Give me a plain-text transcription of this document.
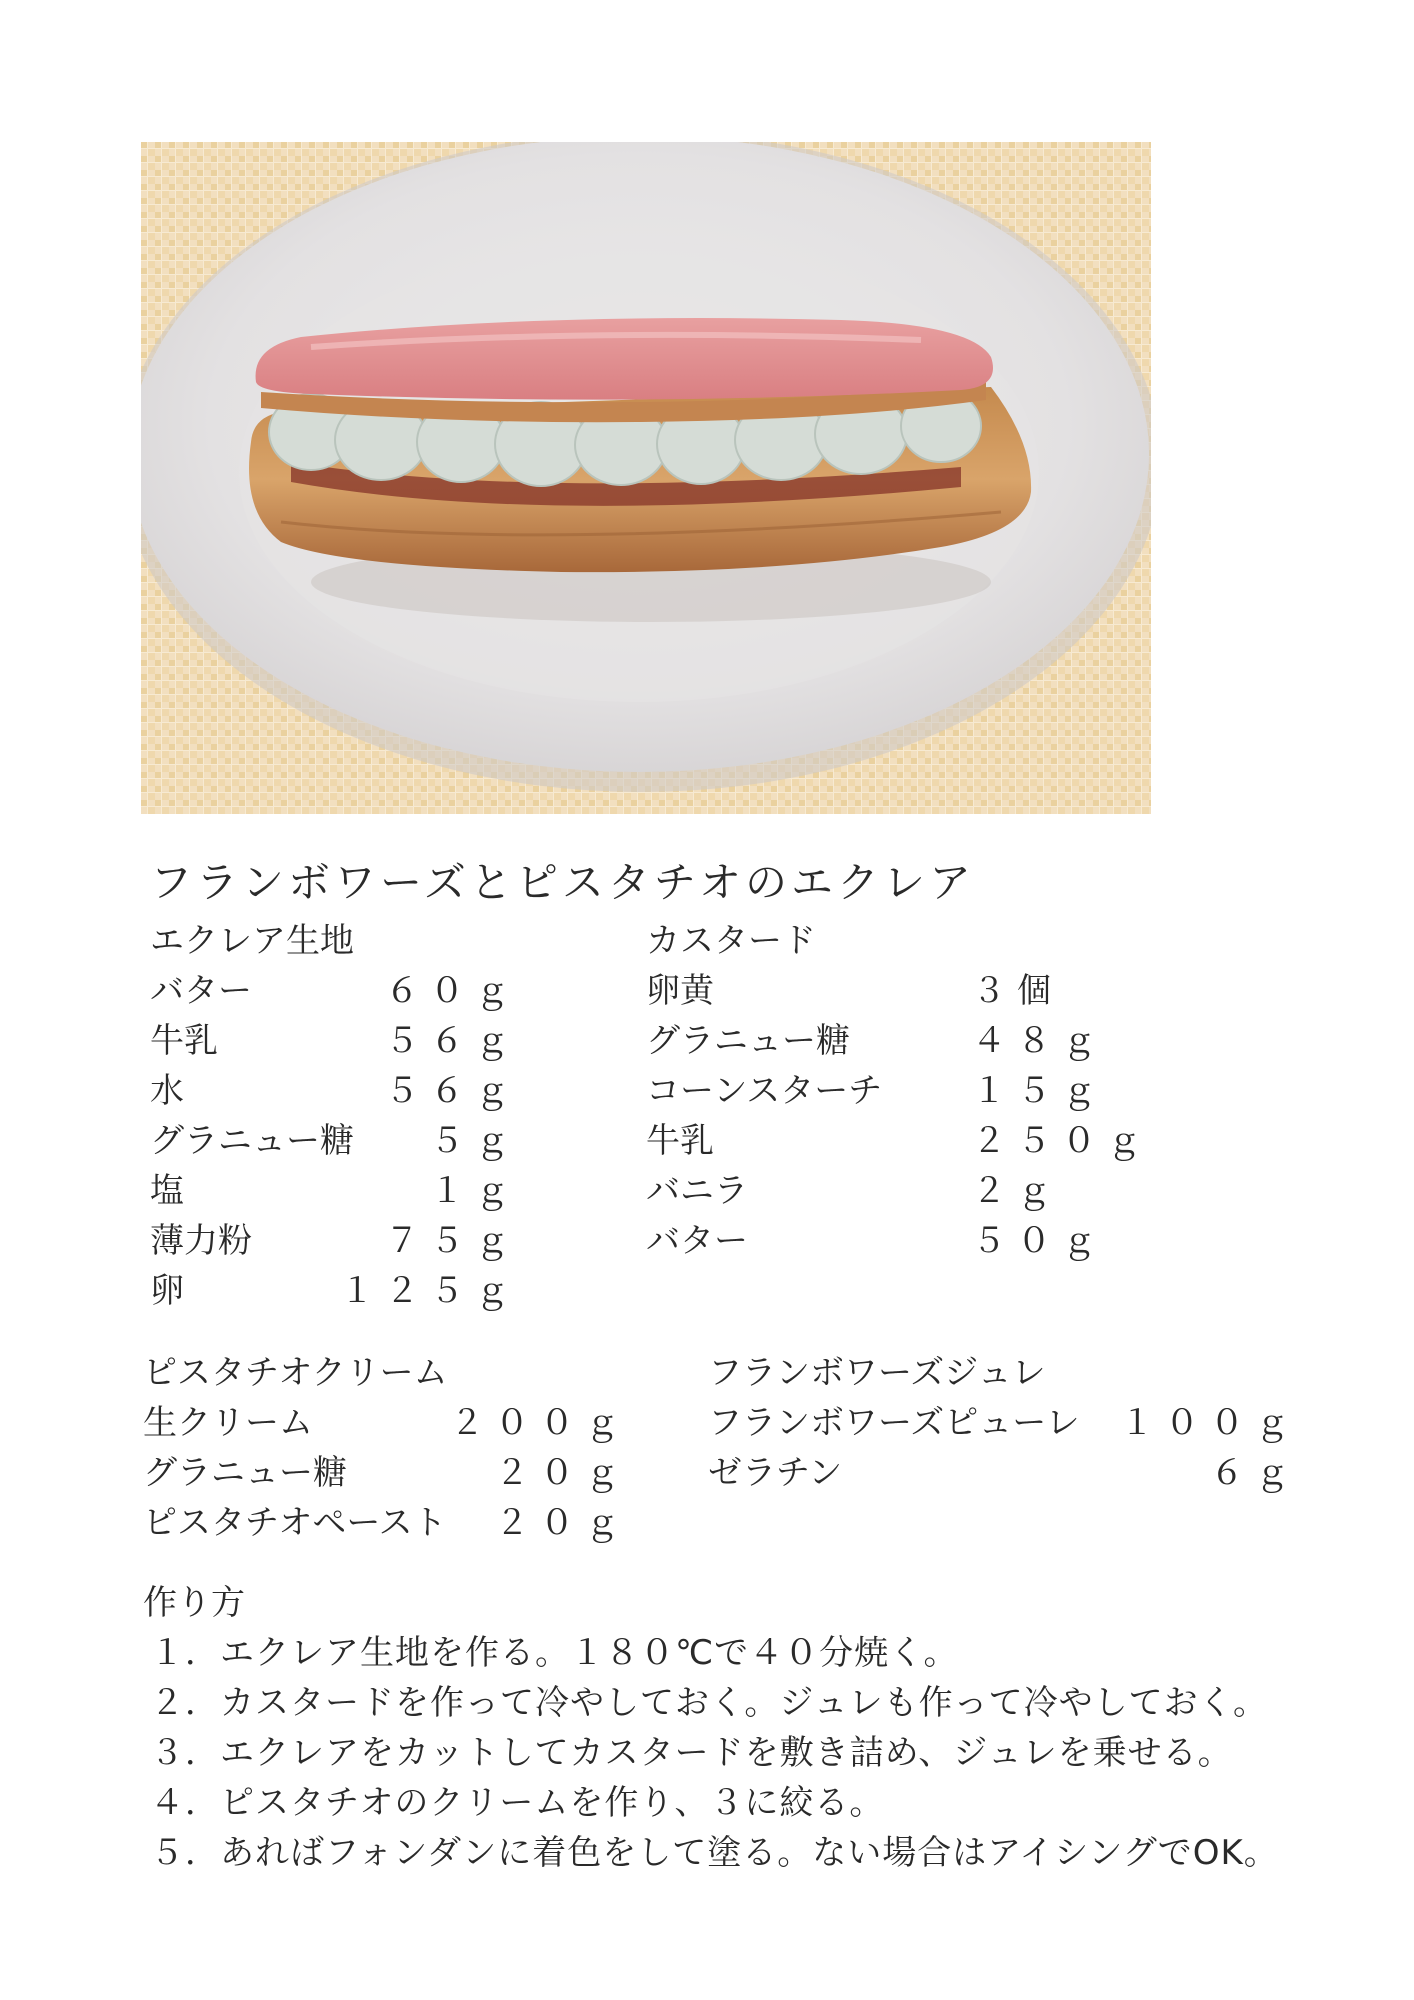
フランボワーズとピスタチオのエクレア
エクレア生地
バター	６０ｇ
牛乳	５６ｇ
水	５６ｇ
グラニュー糖	５ｇ
塩	１ｇ
薄力粉	７５ｇ
卵	１２５ｇ
カスタード
卵黄	３個
グラニュー糖	４８ｇ
コーンスターチ	１５ｇ
牛乳	２５０ｇ
バニラ	２ｇ
バター	５０ｇ
ピスタチオクリーム
生クリーム	２００ｇ
グラニュー糖	２０ｇ
ピスタチオペースト	２０ｇ
フランボワーズジュレ
フランボワーズピューレ １００ｇ
ゼラチン	６ｇ
作り方
１．エクレア生地を作る。１８０℃で４０分焼く。
２．カスタードを作って冷やしておく。ジュレも作って冷やしておく。
３．エクレアをカットしてカスタードを敷き詰め、ジュレを乗せる。
４．ピスタチオのクリームを作り、３に絞る。
５．あればフォンダンに着色をして塗る。ない場合はアイシングでOK。
